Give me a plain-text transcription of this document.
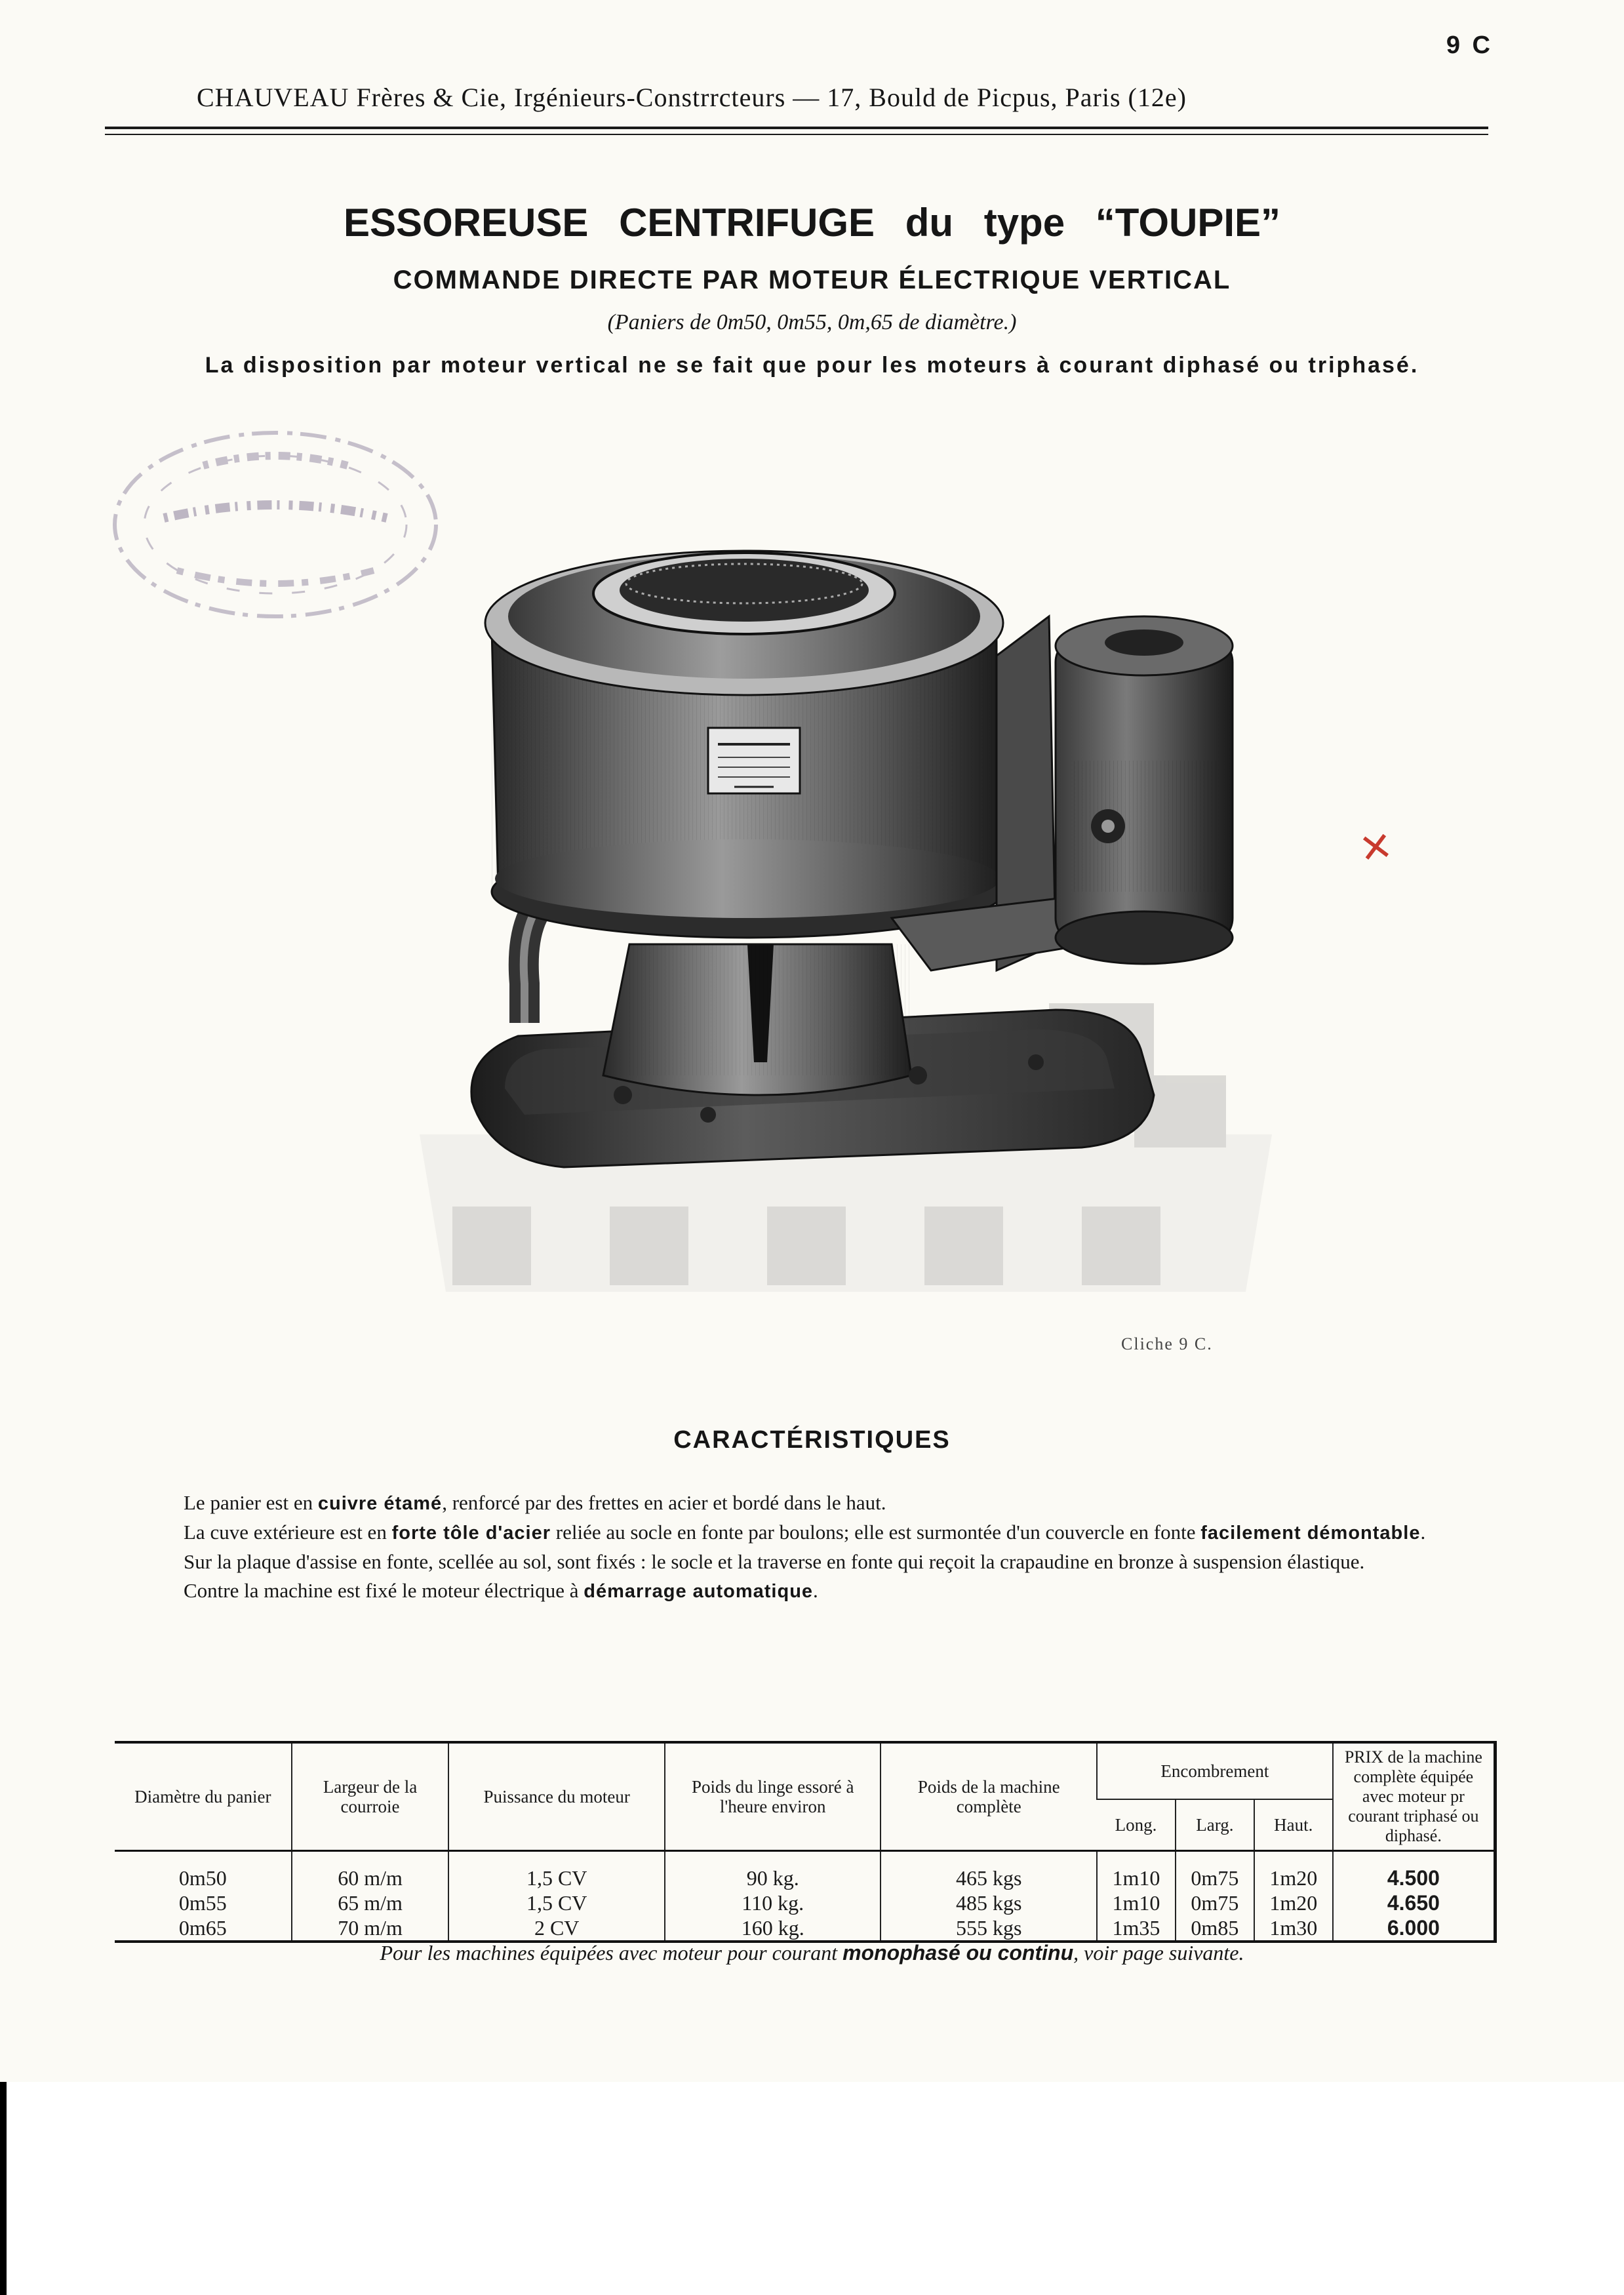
9 C
CHAUVEAU Frères & Cie, Irgénieurs-Constrrcteurs — 17, Bould de Picpus, Paris (12e)
ESSOREUSE CENTRIFUGE du type “TOUPIE”
COMMANDE DIRECTE PAR MOTEUR ÉLECTRIQUE VERTICAL
(Paniers de 0m50, 0m55, 0m,65 de diamètre.)
La disposition par moteur vertical ne se fait que pour les moteurs à courant diphasé ou triphasé.
×
Cliche 9 C.
CARACTÉRISTIQUES

Le panier est en cuivre étamé, renforcé par des frettes en acier et bordé dans le haut.

La cuve extérieure est en forte tôle d'acier reliée au socle en fonte par boulons; elle est surmontée d'un couvercle en fonte facilement démontable.

Sur la plaque d'assise en fonte, scellée au sol, sont fixés : le socle et la traverse en fonte qui reçoit la crapaudine en bronze à suspension élastique.

Contre la machine est fixé le moteur électrique à démarrage automatique.

Diamètre du panier	Largeur de la courroie	Puissance du moteur	Poids du linge essoré à l'heure environ	Poids de la machine complète	Encombrement			PRIX de la machine complète équipée avec moteur pr courant triphasé ou diphasé.
					Long.	Larg.	Haut.	
0m50	60 m/m	1,5 CV	90 kg.	465 kgs	1m10	0m75	1m20	4.500
0m55	65 m/m	1,5 CV	110 kg.	485 kgs	1m10	0m75	1m20	4.650
0m65	70 m/m	2 CV	160 kg.	555 kgs	1m35	0m85	1m30	6.000
Pour les machines équipées avec moteur pour courant monophasé ou continu, voir page suivante.
